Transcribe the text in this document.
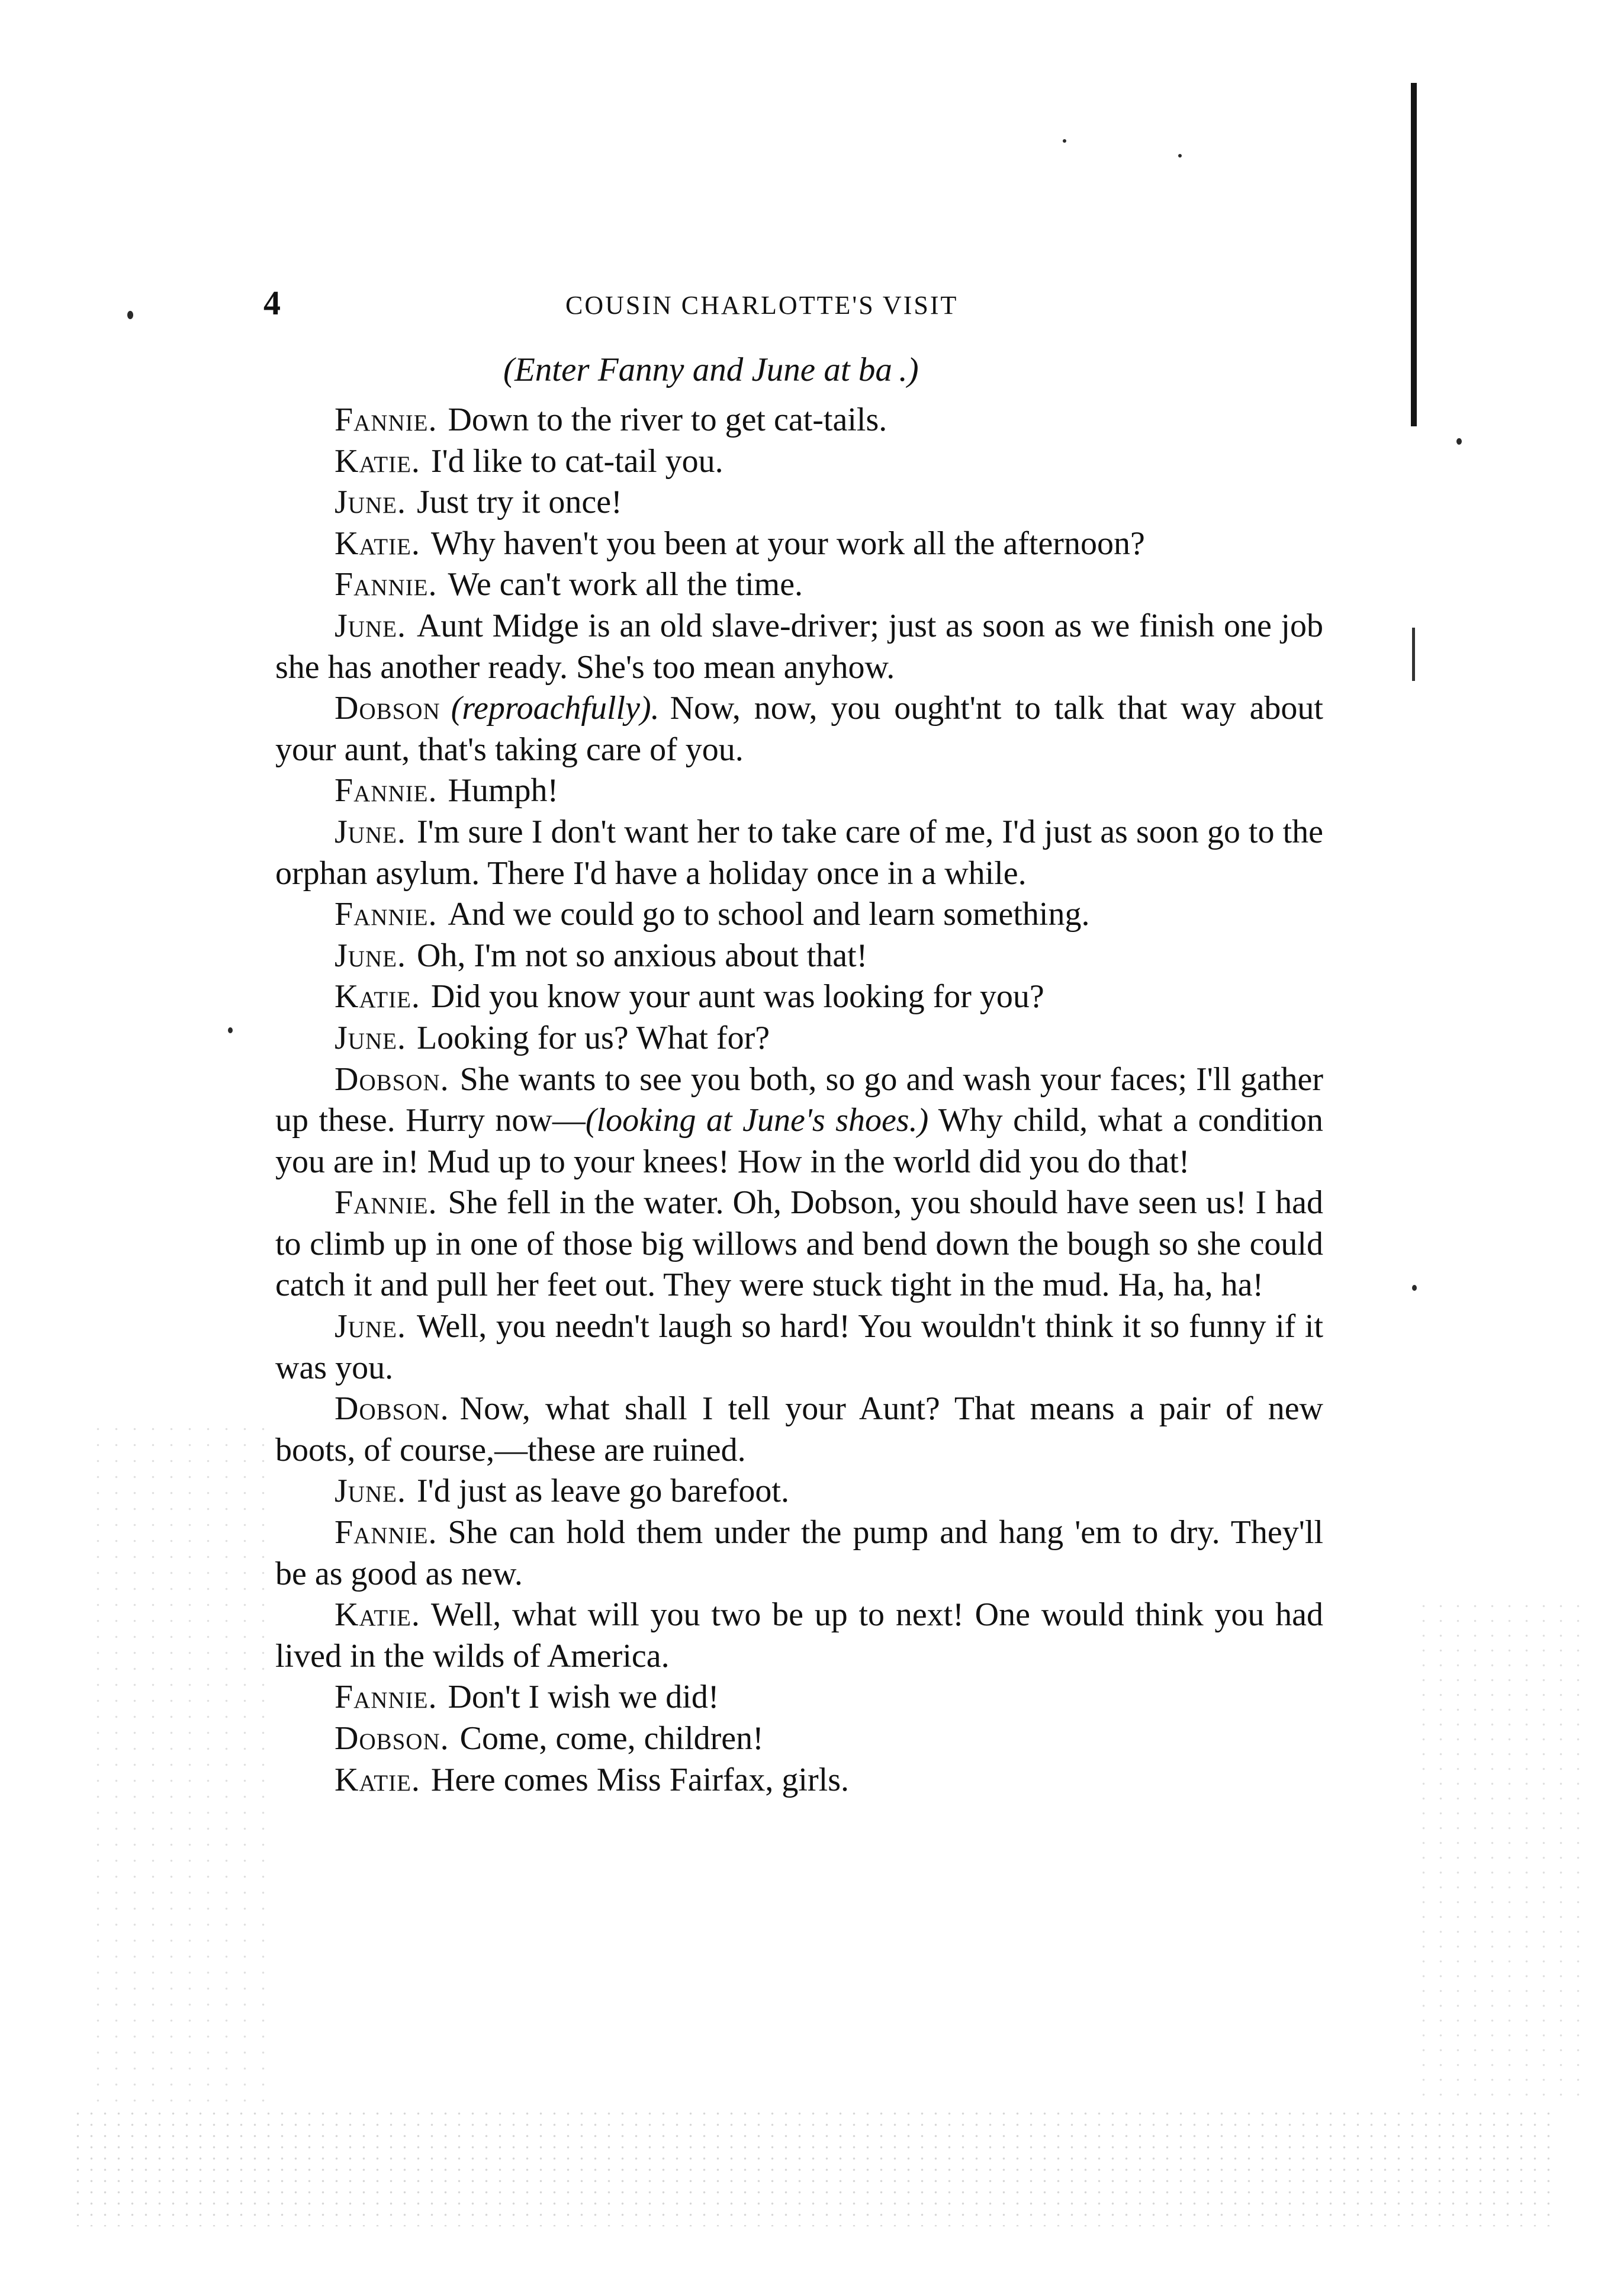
4	COUSIN CHARLOTTE'S VISIT
(Enter Fanny and June at ba .)

Fannie. Down to the river to get cat-tails.

Katie. I'd like to cat-tail you.

June. Just try it once!

Katie. Why haven't you been at your work all the afternoon?

Fannie. We can't work all the time.

June. Aunt Midge is an old slave-driver; just as soon as we finish one job she has another ready. She's too mean anyhow.

Dobson (reproachfully). Now, now, you ought'nt to talk that way about your aunt, that's taking care of you.

Fannie. Humph!

June. I'm sure I don't want her to take care of me, I'd just as soon go to the orphan asylum. There I'd have a holiday once in a while.

Fannie. And we could go to school and learn something.

June. Oh, I'm not so anxious about that!

Katie. Did you know your aunt was looking for you?

June. Looking for us? What for?

Dobson. She wants to see you both, so go and wash your faces; I'll gather up these. Hurry now—(looking at June's shoes.) Why child, what a condition you are in! Mud up to your knees! How in the world did you do that!

Fannie. She fell in the water. Oh, Dobson, you should have seen us! I had to climb up in one of those big willows and bend down the bough so she could catch it and pull her feet out. They were stuck tight in the mud. Ha, ha, ha!

June. Well, you needn't laugh so hard! You wouldn't think it so funny if it was you.

Dobson. Now, what shall I tell your Aunt? That means a pair of new boots, of course,—these are ruined.

June. I'd just as leave go barefoot.

Fannie. She can hold them under the pump and hang 'em to dry. They'll be as good as new.

Katie. Well, what will you two be up to next! One would think you had lived in the wilds of America.

Fannie. Don't I wish we did!

Dobson. Come, come, children!

Katie. Here comes Miss Fairfax, girls.
